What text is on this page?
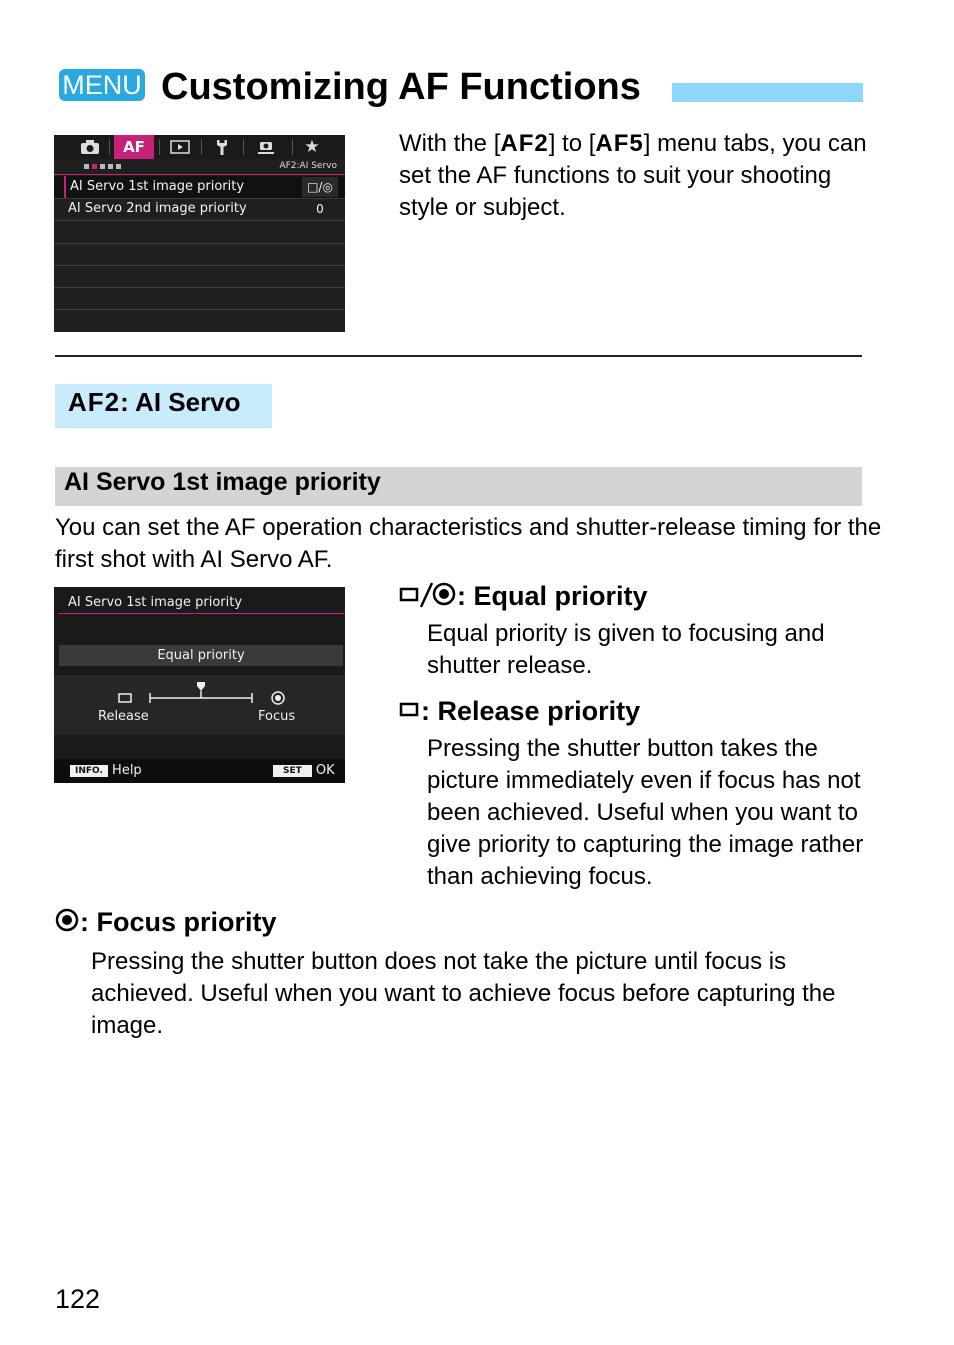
MENU Customizing AF Functions
AF	★
AF2:AI Servo
AI Servo 1st image priority	□/◎
AI Servo 2nd image priority	0
With the [AF2] to [AF5] menu tabs, you can set the AF functions to suit your shooting style or subject.
AF2: AI Servo
AI Servo 1st image priority
You can set the AF operation characteristics and shutter-release timing for the first shot with AI Servo AF.
AI Servo 1st image priority
Equal priority
Release	Focus
INFO. Help	SET OK
: Equal priority
Equal priority is given to focusing and shutter release.
: Release priority
Pressing the shutter button takes the picture immediately even if focus has not been achieved. Useful when you want to give priority to capturing the image rather than achieving focus.
: Focus priority
Pressing the shutter button does not take the picture until focus is achieved. Useful when you want to achieve focus before capturing the image.
122
